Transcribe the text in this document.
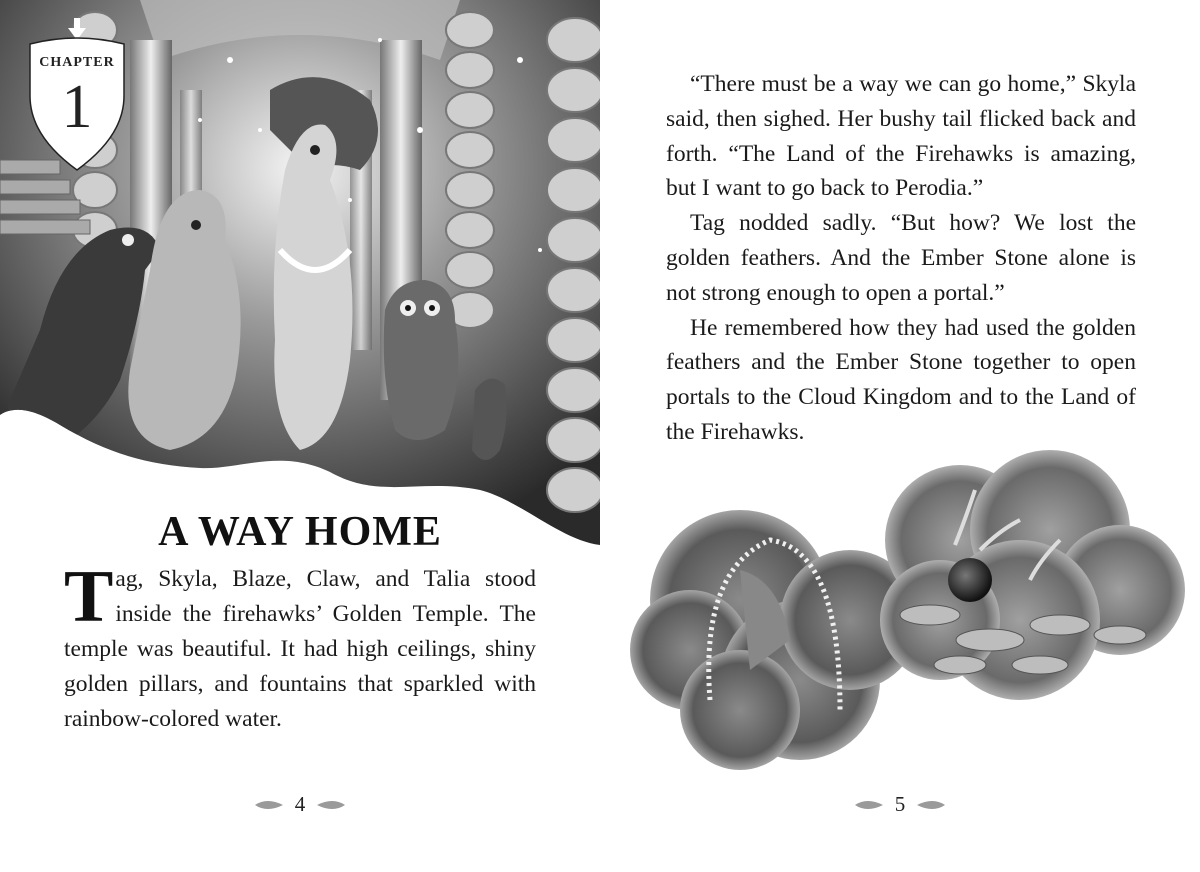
CHAPTER
1
A WAY HOME

Tag, Skyla, Blaze, Claw, and Talia stood inside the firehawks’ Golden Temple. The temple was beautiful. It had high ceilings, shiny golden pillars, and fountains that sparkled with rainbow-colored water.

4

“There must be a way we can go home,” Skyla said, then sighed. Her bushy tail flicked back and forth. “The Land of the Firehawks is amazing, but I want to go back to Perodia.”

Tag nodded sadly. “But how? We lost the golden feathers. And the Ember Stone alone is not strong enough to open a portal.”

He remembered how they had used the golden feathers and the Ember Stone together to open portals to the Cloud Kingdom and to the Land of the Firehawks.

5
